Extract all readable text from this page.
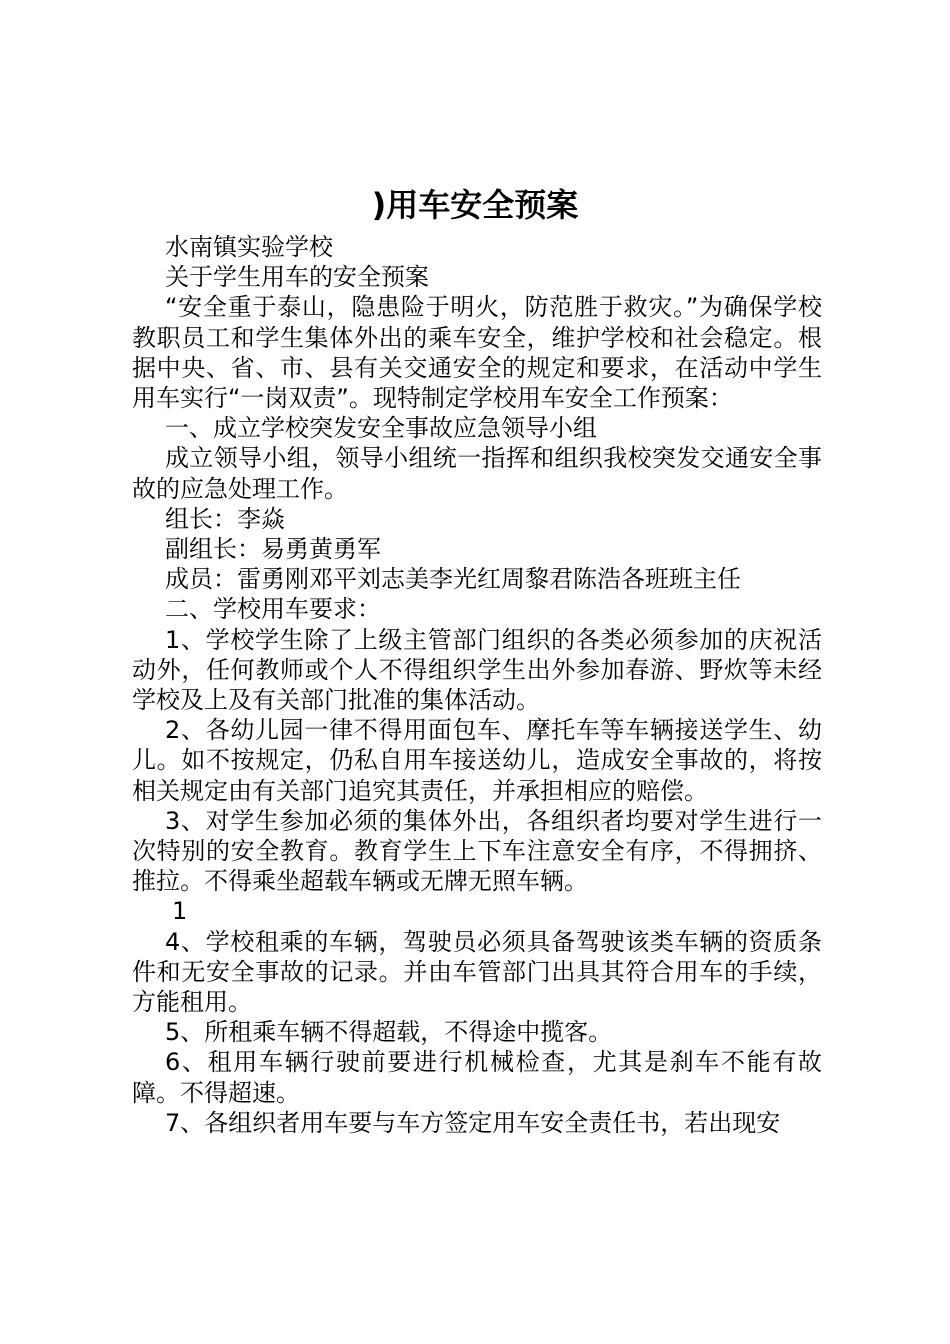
)用车安全预案

水南镇实验学校

关于学生用车的安全预案

“安全重于泰山，隐患险于明火，防范胜于救灾。”为确保学校教职员工和学生集体外出的乘车安全，维护学校和社会稳定。根据中央、省、市、县有关交通安全的规定和要求，在活动中学生用车实行“一岗双责”。现特制定学校用车安全工作预案：

一、成立学校突发安全事故应急领导小组

成立领导小组，领导小组统一指挥和组织我校突发交通安全事故的应急处理工作。

组长：李焱

副组长：易勇黄勇军

成员：雷勇刚邓平刘志美李光红周黎君陈浩各班班主任

二、学校用车要求：

1、学校学生除了上级主管部门组织的各类必须参加的庆祝活动外，任何教师或个人不得组织学生出外参加春游、野炊等未经学校及上及有关部门批准的集体活动。

2、各幼儿园一律不得用面包车、摩托车等车辆接送学生、幼儿。如不按规定，仍私自用车接送幼儿，造成安全事故的，将按相关规定由有关部门追究其责任，并承担相应的赔偿。

3、对学生参加必须的集体外出，各组织者均要对学生进行一次特别的安全教育。教育学生上下车注意安全有序，不得拥挤、推拉。不得乘坐超载车辆或无牌无照车辆。

1

4、学校租乘的车辆，驾驶员必须具备驾驶该类车辆的资质条件和无安全事故的记录。并由车管部门出具其符合用车的手续，方能租用。

5、所租乘车辆不得超载，不得途中揽客。

6、租用车辆行驶前要进行机械检查，尤其是刹车不能有故障。不得超速。

7、各组织者用车要与车方签定用车安全责任书，若出现安
